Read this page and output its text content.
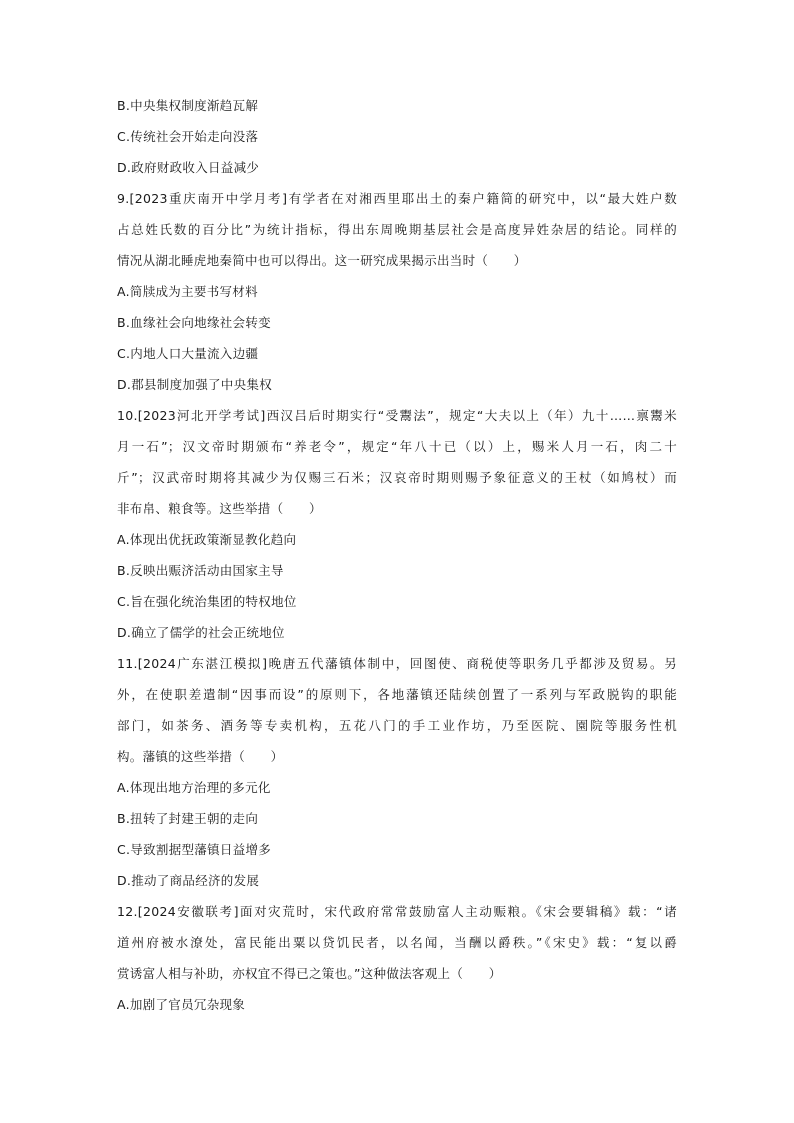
B.中央集权制度渐趋瓦解
C.传统社会开始走向没落
D.政府财政收入日益减少
9.[2023重庆南开中学月考]有学者在对湘西里耶出土的秦户籍简的研究中，以“最大姓户数
占总姓氏数的百分比”为统计指标，得出东周晚期基层社会是高度异姓杂居的结论。同样的
情况从湖北睡虎地秦简中也可以得出。这一研究成果揭示出当时（　　）
A.简牍成为主要书写材料
B.血缘社会向地缘社会转变
C.内地人口大量流入边疆
D.郡县制度加强了中央集权
10.[2023河北开学考试]西汉吕后时期实行“受鬻法”，规定“大夫以上（年）九十……禀鬻米
月一石”；汉文帝时期颁布“养老令”，规定“年八十已（以）上，赐米人月一石，肉二十
斤”；汉武帝时期将其减少为仅赐三石米；汉哀帝时期则赐予象征意义的王杖（如鸠杖）而
非布帛、粮食等。这些举措（　　）
A.体现出优抚政策渐显教化趋向
B.反映出赈济活动由国家主导
C.旨在强化统治集团的特权地位
D.确立了儒学的社会正统地位
11.[2024广东湛江模拟]晚唐五代藩镇体制中，回图使、商税使等职务几乎都涉及贸易。另
外，在使职差遣制“因事而设”的原则下，各地藩镇还陆续创置了一系列与军政脱钩的职能
部门，如茶务、酒务等专卖机构，五花八门的手工业作坊，乃至医院、園院等服务性机
构。藩镇的这些举措（　　）
A.体现出地方治理的多元化
B.扭转了封建王朝的走向
C.导致割据型藩镇日益增多
D.推动了商品经济的发展
12.[2024安徽联考]面对灾荒时，宋代政府常常鼓励富人主动赈粮。《宋会要辑稿》载：“诸
道州府被水潦处，富民能出粟以贷饥民者，以名闻，当酬以爵秩。”《宋史》载：“复以爵
赏诱富人相与补助，亦权宜不得已之策也。”这种做法客观上（　　）
A.加剧了官员冗杂现象
